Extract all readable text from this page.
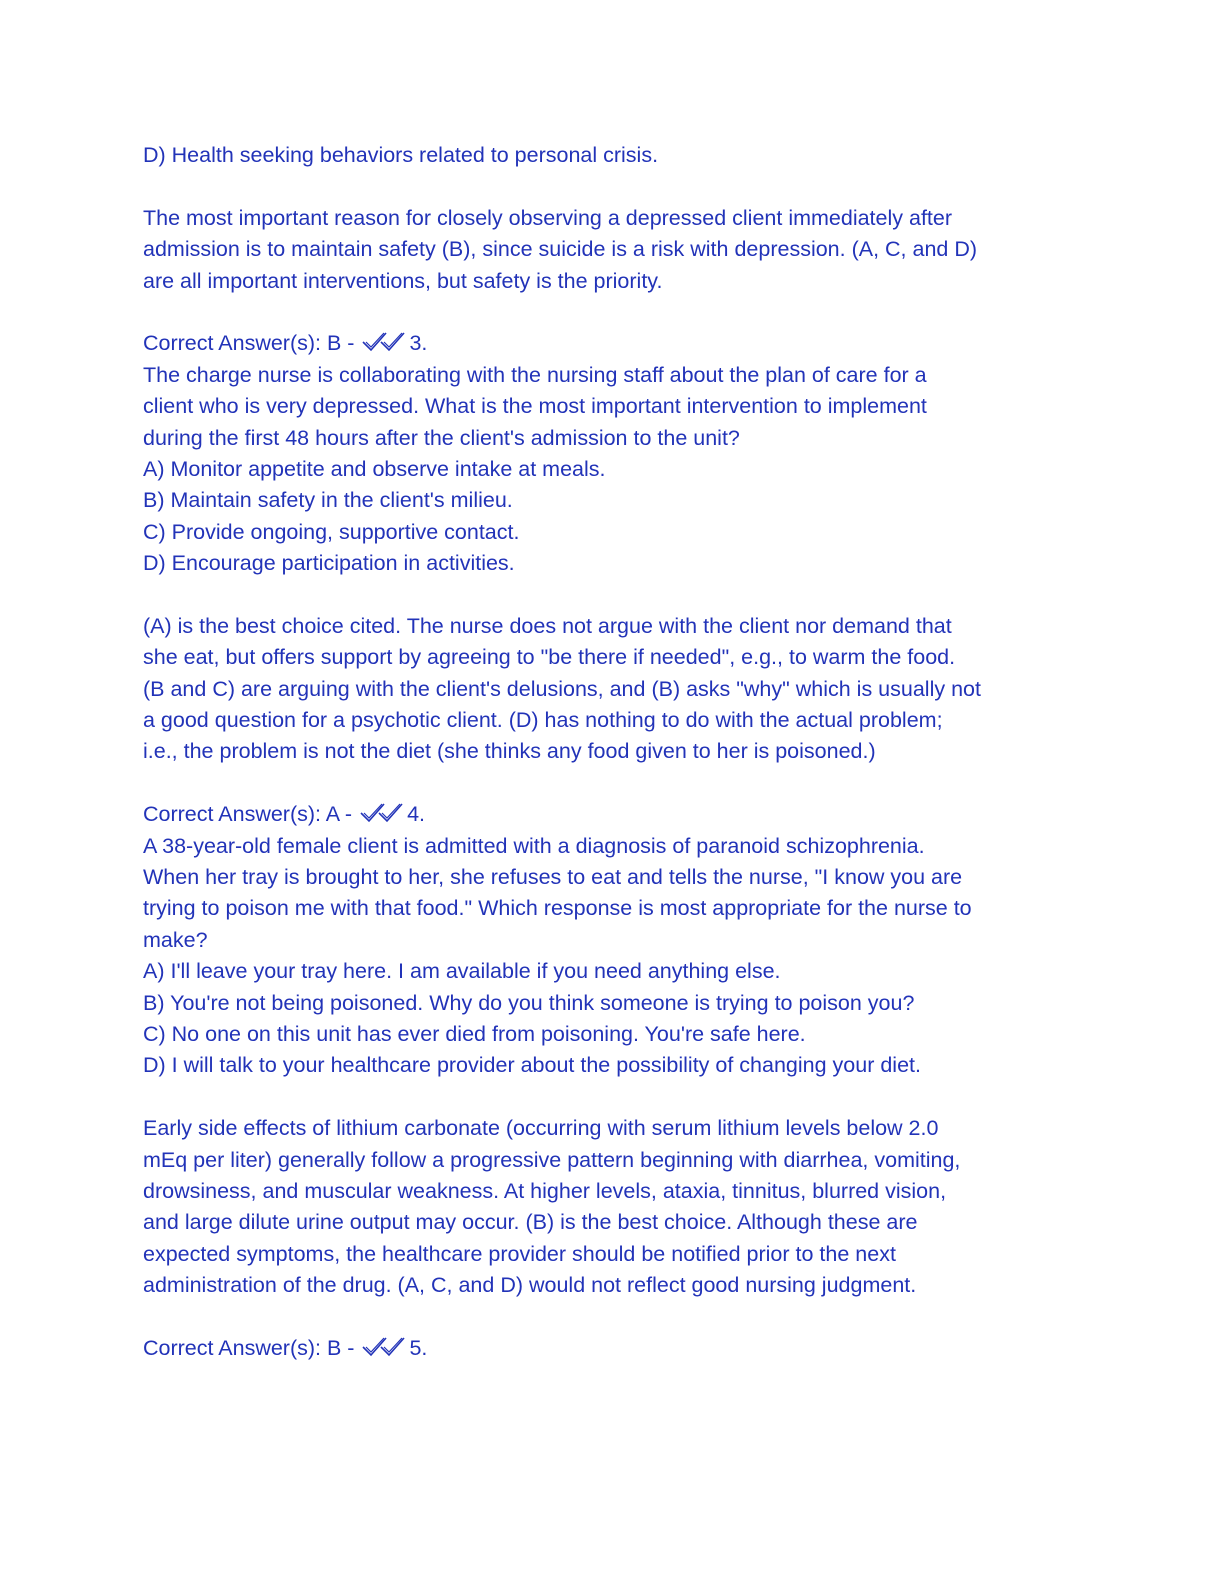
D) Health seeking behaviors related to personal crisis.
The most important reason for closely observing a depressed client immediately after
admission is to maintain safety (B), since suicide is a risk with depression. (A, C, and D)
are all important interventions, but safety is the priority.
Correct Answer(s): B -
3.
The charge nurse is collaborating with the nursing staff about the plan of care for a
client who is very depressed. What is the most important intervention to implement
during the first 48 hours after the client's admission to the unit?
A) Monitor appetite and observe intake at meals.
B) Maintain safety in the client's milieu.
C) Provide ongoing, supportive contact.
D) Encourage participation in activities.
(A) is the best choice cited. The nurse does not argue with the client nor demand that
she eat, but offers support by agreeing to "be there if needed", e.g., to warm the food.
(B and C) are arguing with the client's delusions, and (B) asks "why" which is usually not
a good question for a psychotic client. (D) has nothing to do with the actual problem;
i.e., the problem is not the diet (she thinks any food given to her is poisoned.)
Correct Answer(s): A -
4.
A 38-year-old female client is admitted with a diagnosis of paranoid schizophrenia.
When her tray is brought to her, she refuses to eat and tells the nurse, "I know you are
trying to poison me with that food." Which response is most appropriate for the nurse to
make?
A) I'll leave your tray here. I am available if you need anything else.
B) You're not being poisoned. Why do you think someone is trying to poison you?
C) No one on this unit has ever died from poisoning. You're safe here.
D) I will talk to your healthcare provider about the possibility of changing your diet.
Early side effects of lithium carbonate (occurring with serum lithium levels below 2.0
mEq per liter) generally follow a progressive pattern beginning with diarrhea, vomiting,
drowsiness, and muscular weakness. At higher levels, ataxia, tinnitus, blurred vision,
and large dilute urine output may occur. (B) is the best choice. Although these are
expected symptoms, the healthcare provider should be notified prior to the next
administration of the drug. (A, C, and D) would not reflect good nursing judgment.
Correct Answer(s): B -
5.
